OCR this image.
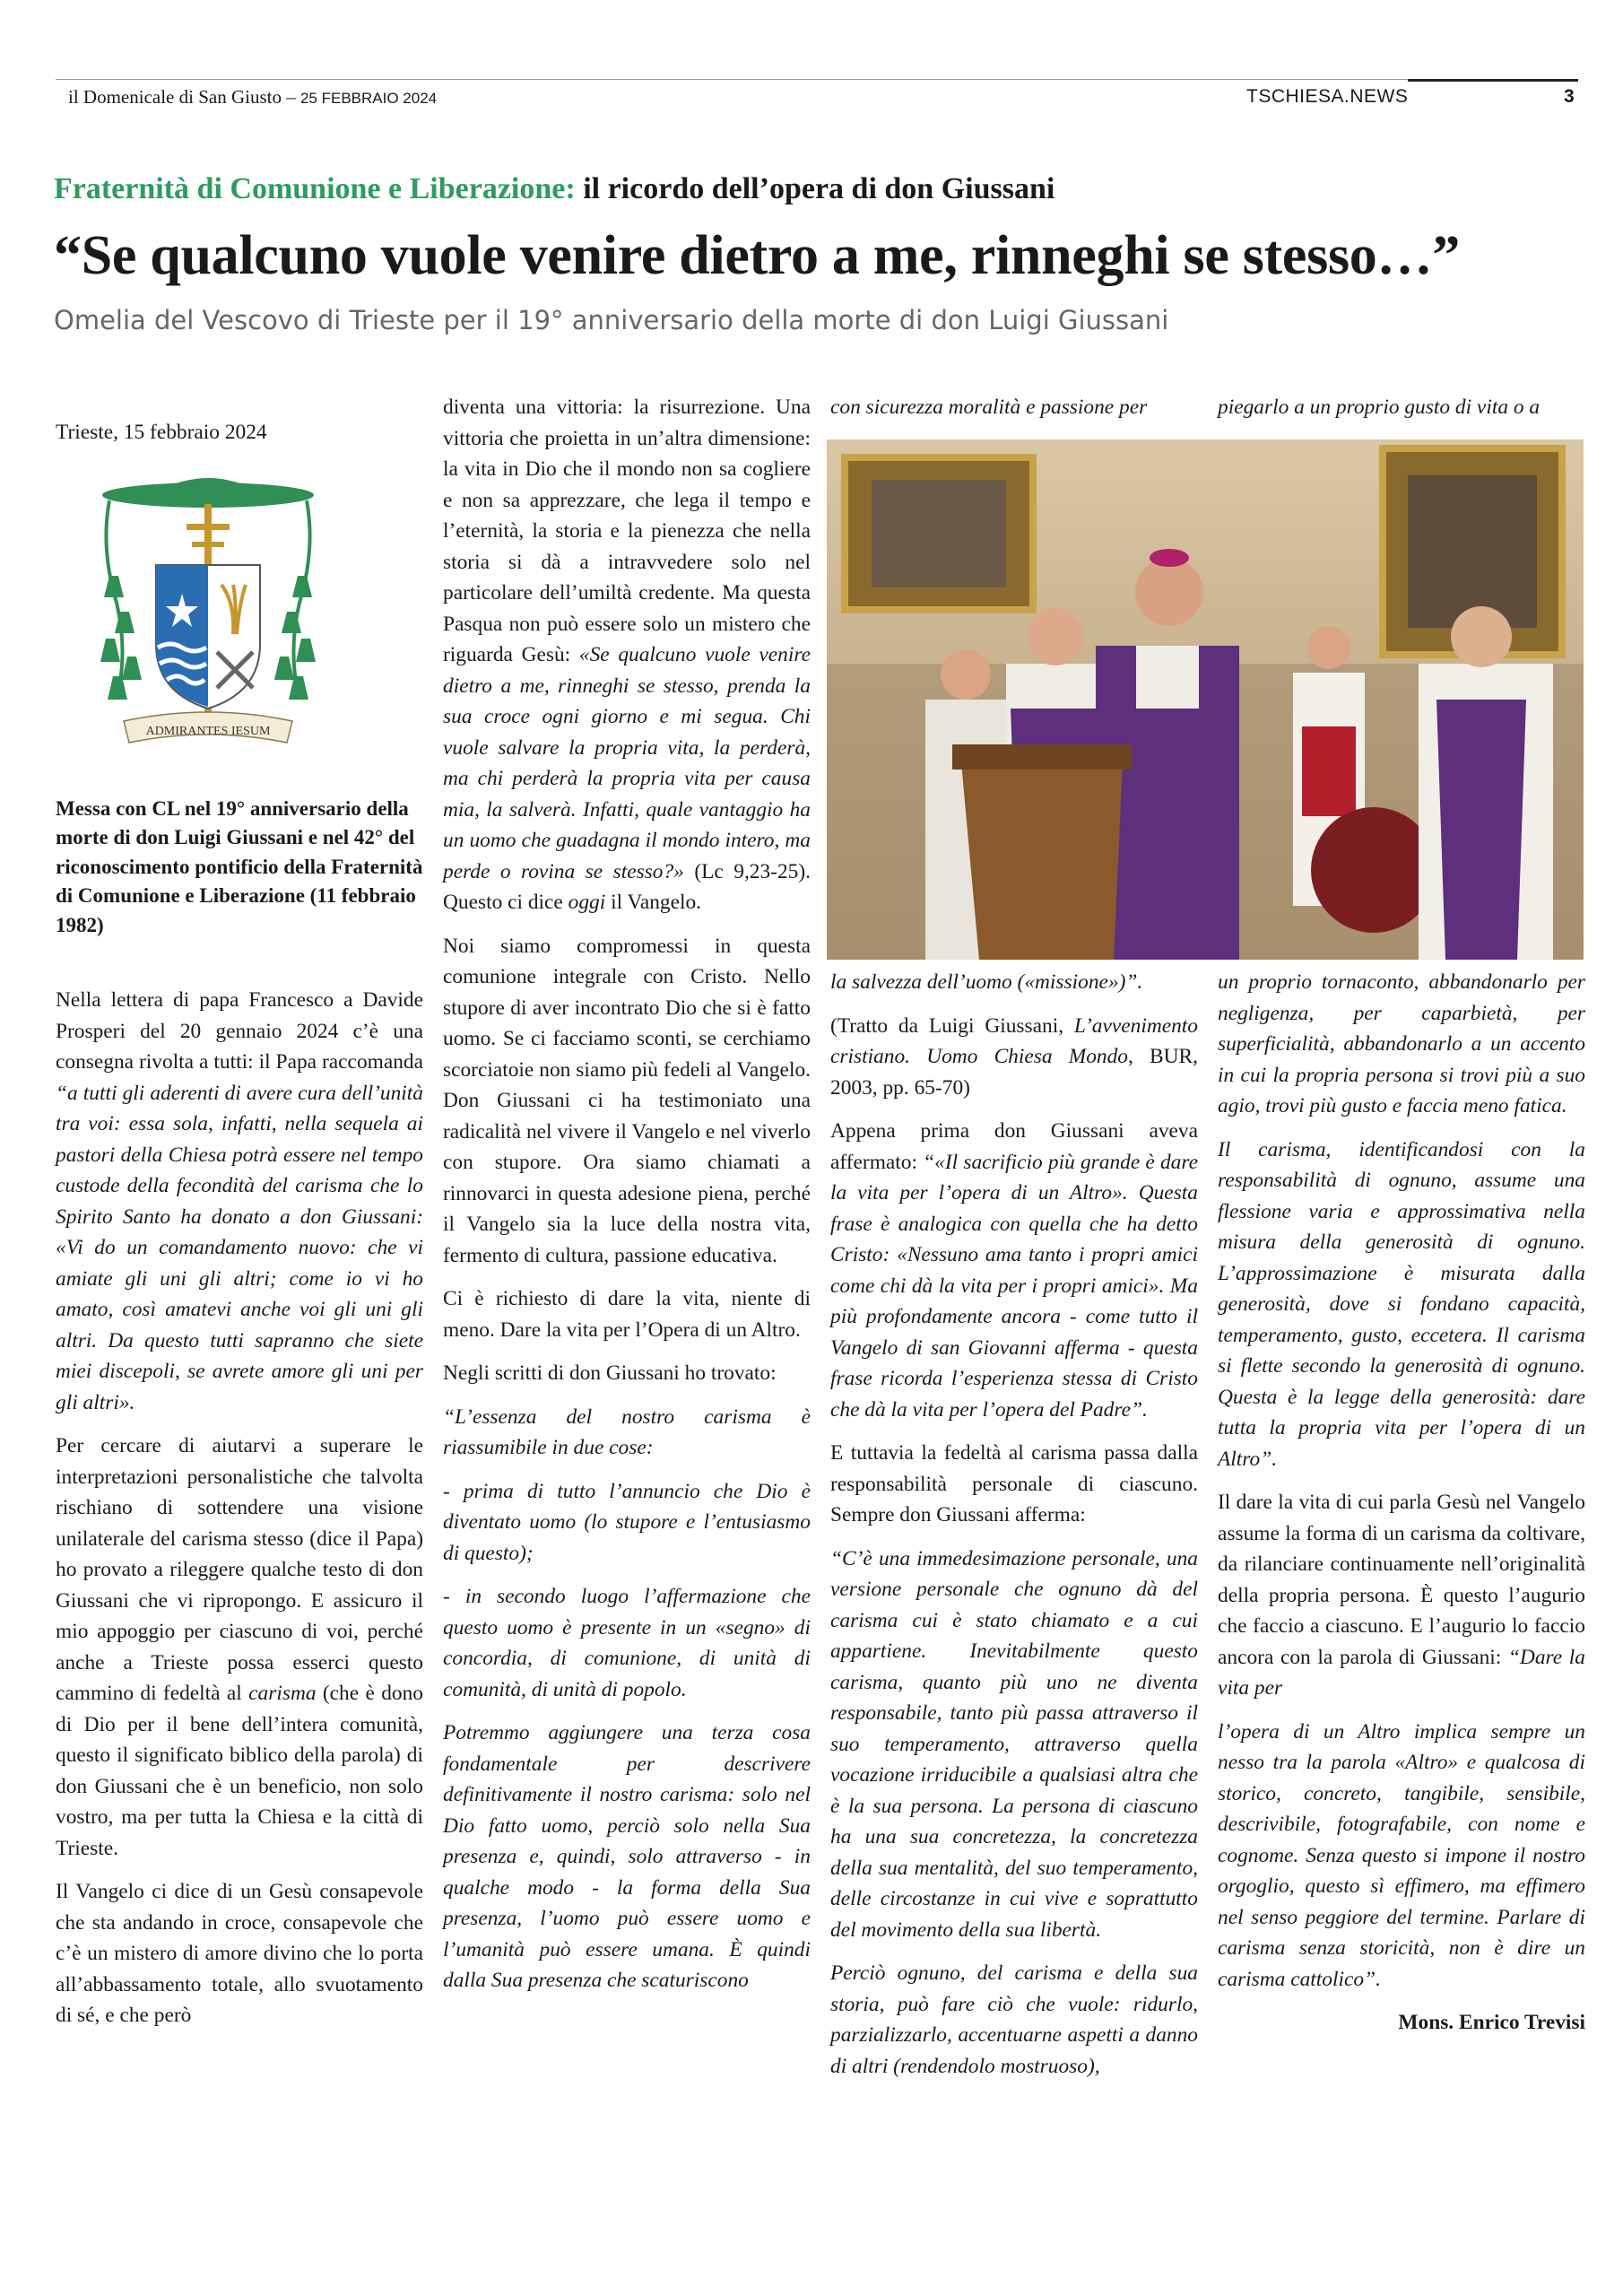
il Domenicale di San Giusto – 25 FEBBRAIO 2024	TSCHIESA.NEWS	3
Fraternità di Comunione e Liberazione: il ricordo dell’opera di don Giussani
“Se qualcuno vuole venire dietro a me, rinneghi se stesso…”
Omelia del Vescovo di Trieste per il 19° anniversario della morte di don Luigi Giussani
Trieste, 15 febbraio 2024
ADMIRANTES IESUM
Messa con CL nel 19° anniversario della morte di don Luigi Giussani e nel 42° del riconoscimento pontificio della Fraternità di Comunione e Liberazione (11 febbraio 1982)

Nella lettera di papa Francesco a Davide Prosperi del 20 gennaio 2024 c’è una consegna rivolta a tutti: il Papa raccomanda “a tutti gli aderenti di avere cura dell’unità tra voi: essa sola, infatti, nella sequela ai pastori della Chiesa potrà essere nel tempo custode della fecondità del carisma che lo Spirito Santo ha donato a don Giussani: «Vi do un comandamento nuovo: che vi amiate gli uni gli altri; come io vi ho amato, così amatevi anche voi gli uni gli altri. Da questo tutti sapranno che siete miei discepoli, se avrete amore gli uni per gli altri».

Per cercare di aiutarvi a superare le interpretazioni personalistiche che talvolta rischiano di sottendere una visione unilaterale del carisma stesso (dice il Papa) ho provato a rileggere qualche testo di don Giussani che vi ripropongo. E assicuro il mio appoggio per ciascuno di voi, perché anche a Trieste possa esserci questo cammino di fedeltà al carisma (che è dono di Dio per il bene dell’intera comunità, questo il significato biblico della parola) di don Giussani che è un beneficio, non solo vostro, ma per tutta la Chiesa e la città di Trieste.

Il Vangelo ci dice di un Gesù consapevole che sta andando in croce, consapevole che c’è un mistero di amore divino che lo porta all’abbassamento totale, allo svuotamento di sé, e che però

diventa una vittoria: la risurrezione. Una vittoria che proietta in un’altra dimensione: la vita in Dio che il mondo non sa cogliere e non sa apprezzare, che lega il tempo e l’eternità, la storia e la pienezza che nella storia si dà a intravvedere solo nel particolare dell’umiltà credente. Ma questa Pasqua non può essere solo un mistero che riguarda Gesù: «Se qualcuno vuole venire dietro a me, rinneghi se stesso, prenda la sua croce ogni giorno e mi segua. Chi vuole salvare la propria vita, la perderà, ma chi perderà la propria vita per causa mia, la salverà. Infatti, quale vantaggio ha un uomo che guadagna il mondo intero, ma perde o rovina se stesso?» (Lc 9,23-25). Questo ci dice oggi il Vangelo.

Noi siamo compromessi in questa comunione integrale con Cristo. Nello stupore di aver incontrato Dio che si è fatto uomo. Se ci facciamo sconti, se cerchiamo scorciatoie non siamo più fedeli al Vangelo. Don Giussani ci ha testimoniato una radicalità nel vivere il Vangelo e nel viverlo con stupore. Ora siamo chiamati a rinnovarci in questa adesione piena, perché il Vangelo sia la luce della nostra vita, fermento di cultura, passione educativa.

Ci è richiesto di dare la vita, niente di meno. Dare la vita per l’Opera di un Altro.

Negli scritti di don Giussani ho trovato:

“L’essenza del nostro carisma è riassumibile in due cose:

- prima di tutto l’annuncio che Dio è diventato uomo (lo stupore e l’entusiasmo di questo);

- in secondo luogo l’affermazione che questo uomo è presente in un «segno» di concordia, di comunione, di unità di comunità, di unità di popolo.

Potremmo aggiungere una terza cosa fondamentale per descrivere definitivamente il nostro carisma: solo nel Dio fatto uomo, perciò solo nella Sua presenza e, quindi, solo attraverso - in qualche modo - la forma della Sua presenza, l’uomo può essere uomo e l’umanità può essere umana. È quindi dalla Sua presenza che scaturiscono

con sicurezza moralità e passione per	piegarlo a un proprio gusto di vita o a

la salvezza dell’uomo («missione»)”.

(Tratto da Luigi Giussani, L’avvenimento cristiano. Uomo Chiesa Mondo, BUR, 2003, pp. 65-70)

Appena prima don Giussani aveva affermato: “«Il sacrificio più grande è dare la vita per l’opera di un Altro». Questa frase è analogica con quella che ha detto Cristo: «Nessuno ama tanto i propri amici come chi dà la vita per i propri amici». Ma più profondamente ancora - come tutto il Vangelo di san Giovanni afferma - questa frase ricorda l’esperienza stessa di Cristo che dà la vita per l’opera del Padre”.

E tuttavia la fedeltà al carisma passa dalla responsabilità personale di ciascuno. Sempre don Giussani afferma:

“C’è una immedesimazione personale, una versione personale che ognuno dà del carisma cui è stato chiamato e a cui appartiene. Inevitabilmente questo carisma, quanto più uno ne diventa responsabile, tanto più passa attraverso il suo temperamento, attraverso quella vocazione irriducibile a qualsiasi altra che è la sua persona. La persona di ciascuno ha una sua concretezza, la concretezza della sua mentalità, del suo temperamento, delle circostanze in cui vive e soprattutto del movimento della sua libertà.

Perciò ognuno, del carisma e della sua storia, può fare ciò che vuole: ridurlo, parzializzarlo, accentuarne aspetti a danno di altri (rendendolo mostruoso),

un proprio tornaconto, abbandonarlo per negligenza, per caparbietà, per superficialità, abbandonarlo a un accento in cui la propria persona si trovi più a suo agio, trovi più gusto e faccia meno fatica.

Il carisma, identificandosi con la responsabilità di ognuno, assume una flessione varia e approssimativa nella misura della generosità di ognuno. L’approssimazione è misurata dalla generosità, dove si fondano capacità, temperamento, gusto, eccetera. Il carisma si flette secondo la generosità di ognuno. Questa è la legge della generosità: dare tutta la propria vita per l’opera di un Altro”.

Il dare la vita di cui parla Gesù nel Vangelo assume la forma di un carisma da coltivare, da rilanciare continuamente nell’originalità della propria persona. È questo l’augurio che faccio a ciascuno. E l’augurio lo faccio ancora con la parola di Giussani: “Dare la vita per

l’opera di un Altro implica sempre un nesso tra la parola «Altro» e qualcosa di storico, concreto, tangibile, sensibile, descrivibile, fotografabile, con nome e cognome. Senza questo si impone il nostro orgoglio, questo sì effimero, ma effimero nel senso peggiore del termine. Parlare di carisma senza storicità, non è dire un carisma cattolico”.

Mons. Enrico Trevisi
